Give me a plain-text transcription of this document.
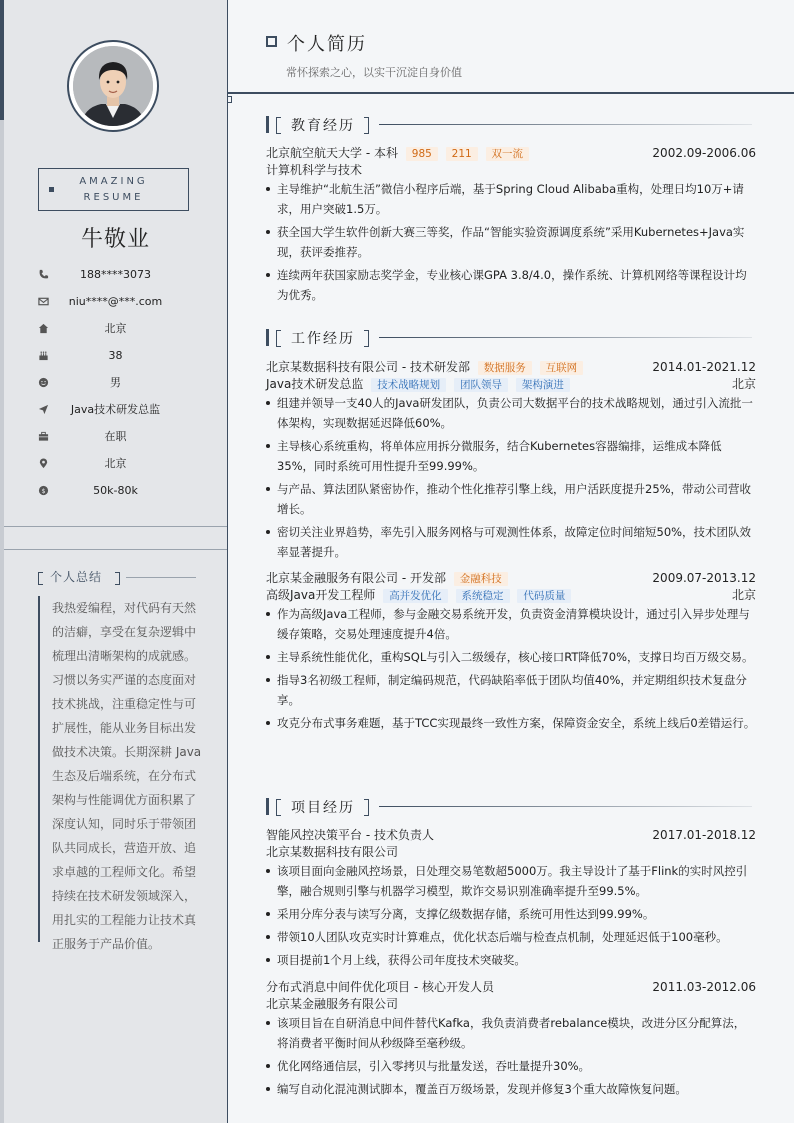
AMAZING
RESUME
牛敬业
188****3073
niu****@***.com
北京
38
男
Java技术研发总监
在职
北京
$	50k-80k
个人总结
我热爱编程，对代码有天然的洁癖，享受在复杂逻辑中梳理出清晰架构的成就感。习惯以务实严谨的态度面对技术挑战，注重稳定性与可扩展性，能从业务目标出发做技术决策。长期深耕 Java 生态及后端系统，在分布式架构与性能调优方面积累了深度认知，同时乐于带领团队共同成长，营造开放、追求卓越的工程师文化。希望持续在技术研发领域深入，用扎实的工程能力让技术真正服务于产品价值。
个人简历
常怀探索之心，以实干沉淀自身价值
教育经历
北京航空航天大学 - 本科 985 211 双一流	2002.09-2006.06
计算机科学与技术
主导维护“北航生活”微信小程序后端，基于Spring Cloud Alibaba重构，处理日均10万+请求，用户突破1.5万。
获全国大学生软件创新大赛三等奖，作品“智能实验资源调度系统”采用Kubernetes+Java实现，获评委推荐。
连续两年获国家励志奖学金，专业核心课GPA 3.8/4.0，操作系统、计算机网络等课程设计均为优秀。
工作经历
北京某数据科技有限公司 - 技术研发部 数据服务 互联网	2014.01-2021.12
Java技术研发总监 技术战略规划 团队领导 架构演进	北京
组建并领导一支40人的Java研发团队，负责公司大数据平台的技术战略规划，通过引入流批一体架构，实现数据延迟降低60%。
主导核心系统重构，将单体应用拆分微服务，结合Kubernetes容器编排，运维成本降低35%，同时系统可用性提升至99.99%。
与产品、算法团队紧密协作，推动个性化推荐引擎上线，用户活跃度提升25%，带动公司营收增长。
密切关注业界趋势，率先引入服务网格与可观测性体系，故障定位时间缩短50%，技术团队效率显著提升。
北京某金融服务有限公司 - 开发部 金融科技	2009.07-2013.12
高级Java开发工程师 高并发优化 系统稳定 代码质量	北京
作为高级Java工程师，参与金融交易系统开发，负责资金清算模块设计，通过引入异步处理与缓存策略，交易处理速度提升4倍。
主导系统性能优化，重构SQL与引入二级缓存，核心接口RT降低70%，支撑日均百万级交易。
指导3名初级工程师，制定编码规范，代码缺陷率低于团队均值40%，并定期组织技术复盘分享。
攻克分布式事务难题，基于TCC实现最终一致性方案，保障资金安全，系统上线后0差错运行。
项目经历
智能风控决策平台 - 技术负责人	2017.01-2018.12
北京某数据科技有限公司
该项目面向金融风控场景，日处理交易笔数超5000万。我主导设计了基于Flink的实时风控引擎，融合规则引擎与机器学习模型，欺诈交易识别准确率提升至99.5%。
采用分库分表与读写分离，支撑亿级数据存储，系统可用性达到99.99%。
带领10人团队攻克实时计算难点，优化状态后端与检查点机制，处理延迟低于100毫秒。
项目提前1个月上线，获得公司年度技术突破奖。
分布式消息中间件优化项目 - 核心开发人员	2011.03-2012.06
北京某金融服务有限公司
该项目旨在自研消息中间件替代Kafka，我负责消费者rebalance模块，改进分区分配算法，将消费者平衡时间从秒级降至毫秒级。
优化网络通信层，引入零拷贝与批量发送，吞吐量提升30%。
编写自动化混沌测试脚本，覆盖百万级场景，发现并修复3个重大故障恢复问题。
